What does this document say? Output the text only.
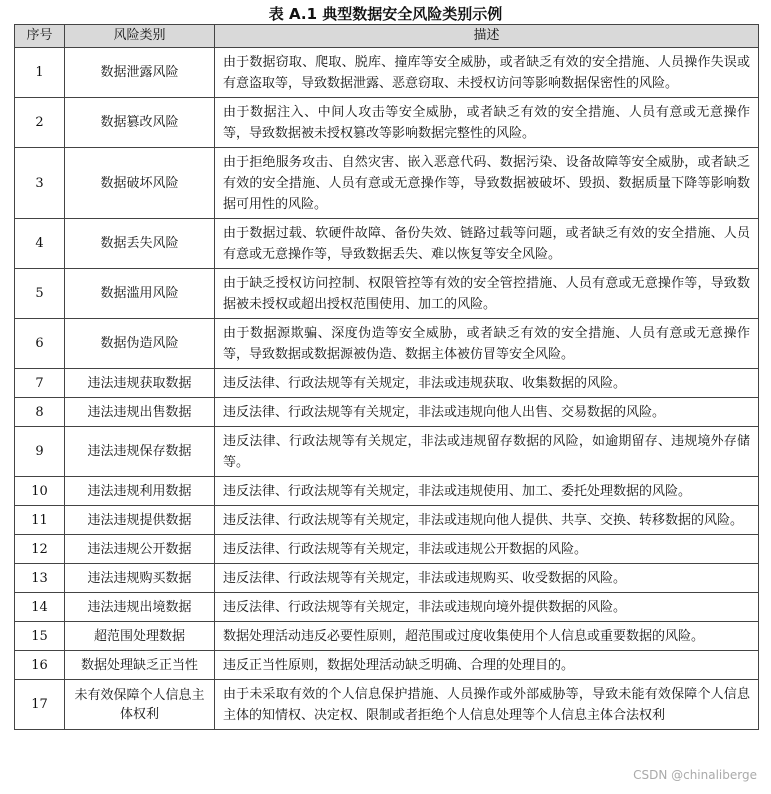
表 A.1 典型数据安全风险类别示例
序号	风险类别	描述
1	数据泄露风险	由于数据窃取、爬取、脱库、撞库等安全威胁，或者缺乏有效的安全措施、人员操作失误或有意盗取等，导致数据泄露、恶意窃取、未授权访问等影响数据保密性的风险。
2	数据篡改风险	由于数据注入、中间人攻击等安全威胁，或者缺乏有效的安全措施、人员有意或无意操作等，导致数据被未授权篡改等影响数据完整性的风险。
3	数据破坏风险	由于拒绝服务攻击、自然灾害、嵌入恶意代码、数据污染、设备故障等安全威胁，或者缺乏有效的安全措施、人员有意或无意操作等，导致数据被破坏、毁损、数据质量下降等影响数据可用性的风险。
4	数据丢失风险	由于数据过载、软硬件故障、备份失效、链路过载等问题，或者缺乏有效的安全措施、人员有意或无意操作等，导致数据丢失、难以恢复等安全风险。
5	数据滥用风险	由于缺乏授权访问控制、权限管控等有效的安全管控措施、人员有意或无意操作等，导致数据被未授权或超出授权范围使用、加工的风险。
6	数据伪造风险	由于数据源欺骗、深度伪造等安全威胁，或者缺乏有效的安全措施、人员有意或无意操作等，导致数据或数据源被伪造、数据主体被仿冒等安全风险。
7	违法违规获取数据	违反法律、行政法规等有关规定，非法或违规获取、收集数据的风险。
8	违法违规出售数据	违反法律、行政法规等有关规定，非法或违规向他人出售、交易数据的风险。
9	违法违规保存数据	违反法律、行政法规等有关规定，非法或违规留存数据的风险，如逾期留存、违规境外存储等。
10	违法违规利用数据	违反法律、行政法规等有关规定，非法或违规使用、加工、委托处理数据的风险。
11	违法违规提供数据	违反法律、行政法规等有关规定，非法或违规向他人提供、共享、交换、转移数据的风险。
12	违法违规公开数据	违反法律、行政法规等有关规定，非法或违规公开数据的风险。
13	违法违规购买数据	违反法律、行政法规等有关规定，非法或违规购买、收受数据的风险。
14	违法违规出境数据	违反法律、行政法规等有关规定，非法或违规向境外提供数据的风险。
15	超范围处理数据	数据处理活动违反必要性原则，超范围或过度收集使用个人信息或重要数据的风险。
16	数据处理缺乏正当性	违反正当性原则，数据处理活动缺乏明确、合理的处理目的。
17	未有效保障个人信息主体权利	由于未采取有效的个人信息保护措施、人员操作或外部威胁等，导致未能有效保障个人信息主体的知情权、决定权、限制或者拒绝个人信息处理等个人信息主体合法权利
CSDN @chinaliberge
